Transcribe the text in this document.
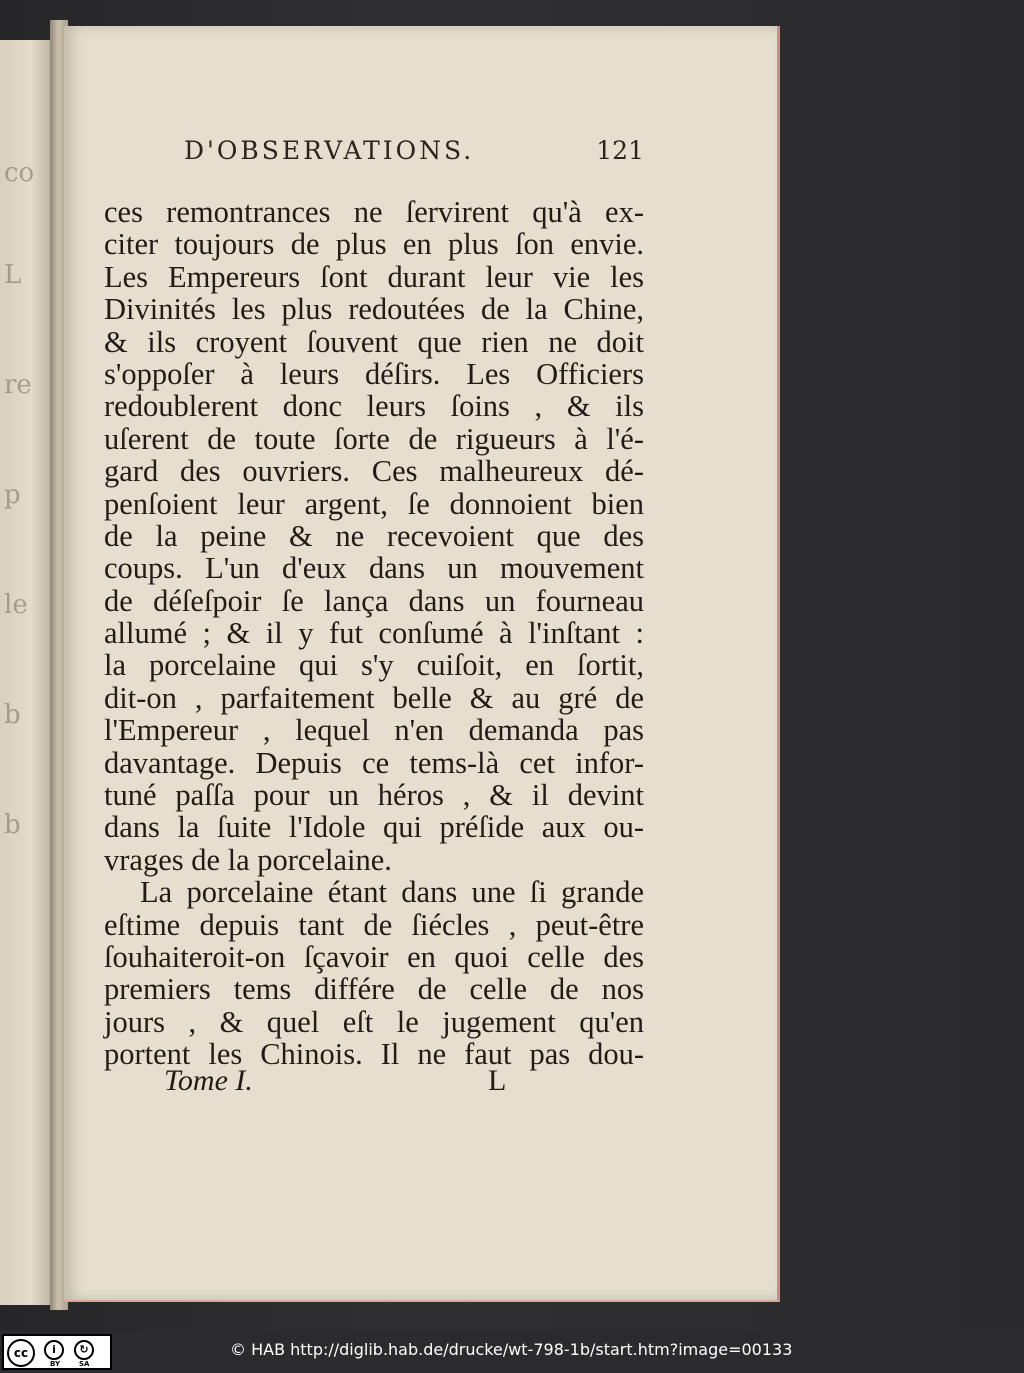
co
L
re
p
le
b
b
D'OBSERVATIONS.	121
ces remontrances ne ſervirent qu'à ex-
citer toujours de plus en plus ſon envie.
Les Empereurs ſont durant leur vie les
Divinités les plus redoutées de la Chine,
& ils croyent ſouvent que rien ne doit
s'oppoſer à leurs déſirs. Les Officiers
redoublerent donc leurs ſoins , & ils
uſerent de toute ſorte de rigueurs à l'é-
gard des ouvriers. Ces malheureux dé-
penſoient leur argent, ſe donnoient bien
de la peine & ne recevoient que des
coups. L'un d'eux dans un mouvement
de déſeſpoir ſe lança dans un fourneau
allumé ; & il y fut conſumé à l'inſtant :
la porcelaine qui s'y cuiſoit, en ſortit,
dit-on , parfaitement belle & au gré de
l'Empereur , lequel n'en demanda pas
davantage. Depuis ce tems-là cet infor-
tuné paſſa pour un héros , & il devint
dans la ſuite l'Idole qui préſide aux ou-
vrages de la porcelaine.
La porcelaine étant dans une ſi grande
eſtime depuis tant de ſiécles , peut-être
ſouhaiteroit-on ſçavoir en quoi celle des
premiers tems différe de celle de nos
jours , & quel eſt le jugement qu'en
portent les Chinois. Il ne faut pas dou-
Tome I.	L
cc	i	↻
BY	SA
© HAB http://diglib.hab.de/drucke/wt-798-1b/start.htm?image=00133
